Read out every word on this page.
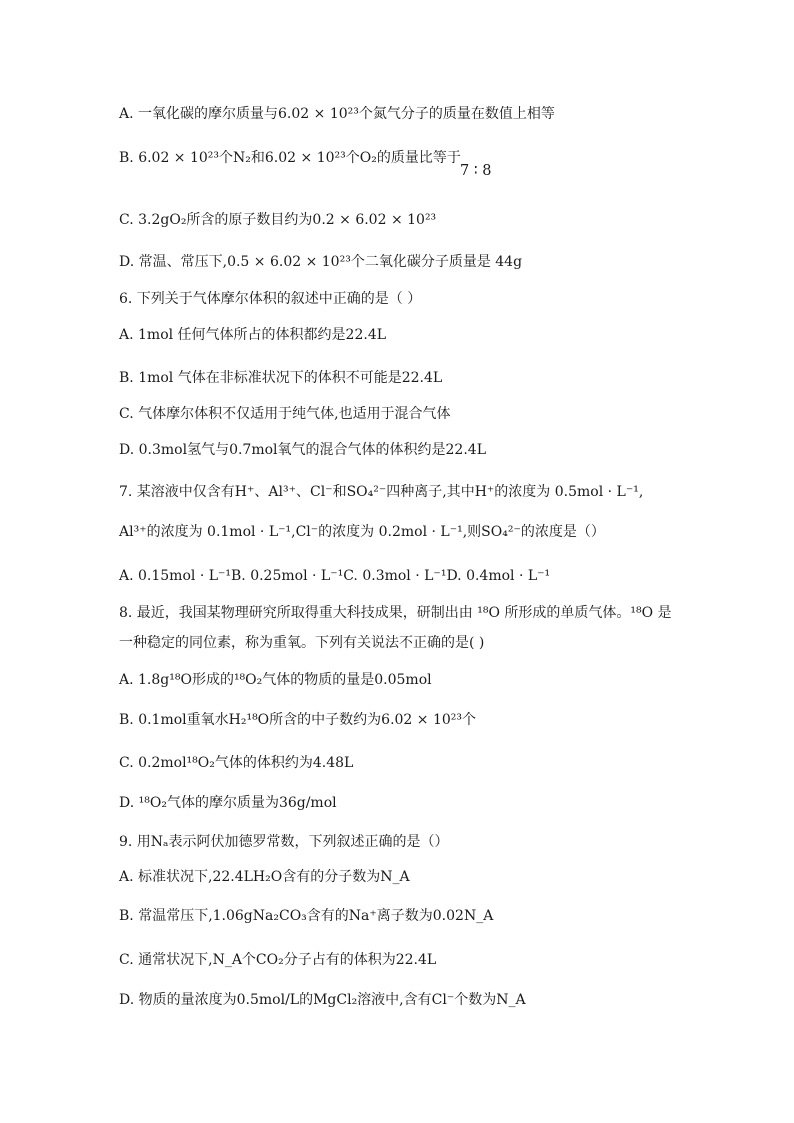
A. 一氧化碳的摩尔质量与6.02 × 10²³个氮气分子的质量在数值上相等
B. 6.02 × 10²³个N₂和6.02 × 10²³个O₂的质量比等于
7 ∶ 8
C. 3.2gO₂所含的原子数目约为0.2 × 6.02 × 10²³
D. 常温、常压下,0.5 × 6.02 × 10²³个二氧化碳分子质量是 44g
6. 下列关于气体摩尔体积的叙述中正确的是（ ）
A. 1mol 任何气体所占的体积都约是22.4L
B. 1mol 气体在非标准状况下的体积不可能是22.4L
C. 气体摩尔体积不仅适用于纯气体,也适用于混合气体
D. 0.3mol氢气与0.7mol氧气的混合气体的体积约是22.4L
7. 某溶液中仅含有H⁺、Al³⁺、Cl⁻和SO₄²⁻四种离子,其中H⁺的浓度为 0.5mol · L⁻¹,
Al³⁺的浓度为 0.1mol · L⁻¹,Cl⁻的浓度为 0.2mol · L⁻¹,则SO₄²⁻的浓度是（）
A. 0.15mol · L⁻¹B. 0.25mol · L⁻¹C. 0.3mol · L⁻¹D. 0.4mol · L⁻¹
8. 最近，我国某物理研究所取得重大科技成果，研制出由 ¹⁸O 所形成的单质气体。¹⁸O 是
一种稳定的同位素，称为重氧。下列有关说法不正确的是( )
A. 1.8g¹⁸O形成的¹⁸O₂气体的物质的量是0.05mol
B. 0.1mol重氧水H₂¹⁸O所含的中子数约为6.02 × 10²³个
C. 0.2mol¹⁸O₂气体的体积约为4.48L
D. ¹⁸O₂气体的摩尔质量为36g/mol
9. 用Nₐ表示阿伏加德罗常数，下列叙述正确的是（）
A. 标准状况下,22.4LH₂O含有的分子数为N_A
B. 常温常压下,1.06gNa₂CO₃含有的Na⁺离子数为0.02N_A
C. 通常状况下,N_A个CO₂分子占有的体积为22.4L
D. 物质的量浓度为0.5mol/L的MgCl₂溶液中,含有Cl⁻个数为N_A
